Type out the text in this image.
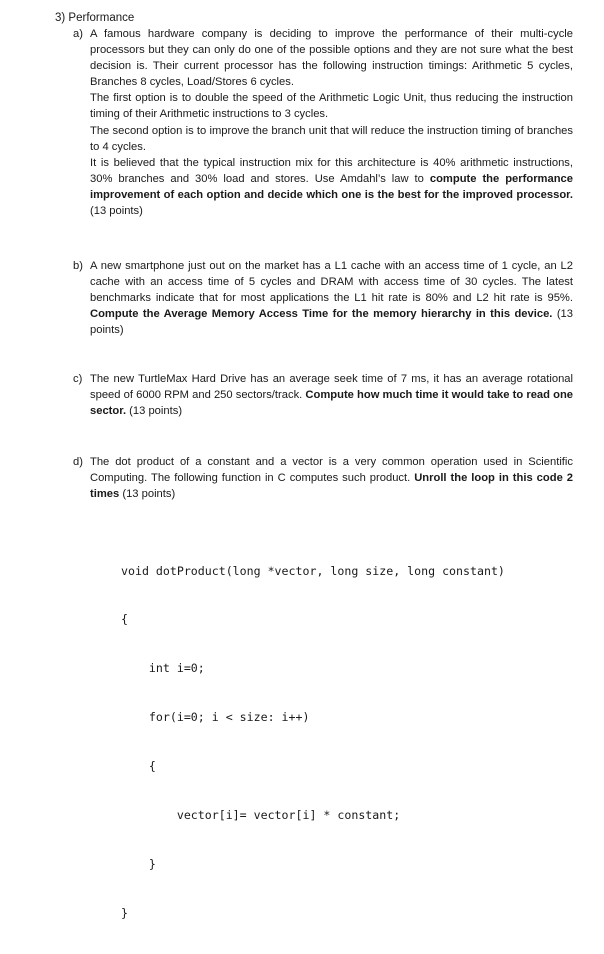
3) Performance
a) A famous hardware company is deciding to improve the performance of their multi-cycle processors but they can only do one of the possible options and they are not sure what the best decision is. Their current processor has the following instruction timings: Arithmetic 5 cycles, Branches 8 cycles, Load/Stores 6 cycles.

The first option is to double the speed of the Arithmetic Logic Unit, thus reducing the instruction timing of their Arithmetic instructions to 3 cycles.

The second option is to improve the branch unit that will reduce the instruction timing of branches to 4 cycles.

It is believed that the typical instruction mix for this architecture is 40% arithmetic instructions, 30% branches and 30% load and stores. Use Amdahl’s law to compute the performance improvement of each option and decide which one is the best for the improved processor. (13 points)

b) A new smartphone just out on the market has a L1 cache with an access time of 1 cycle, an L2 cache with an access time of 5 cycles and DRAM with access time of 30 cycles. The latest benchmarks indicate that for most applications the L1 hit rate is 80% and L2 hit rate is 95%. Compute the Average Memory Access Time for the memory hierarchy in this device. (13 points)

c) The new TurtleMax Hard Drive has an average seek time of 7 ms, it has an average rotational speed of 6000 RPM and 250 sectors/track. Compute how much time it would take to read one sector. (13 points)

d) The dot product of a constant and a vector is a very common operation used in Scientific Computing. The following function in C computes such product. Unroll the loop in this code 2 times (13 points)

void dotProduct(long *vector, long size, long constant)

{

int i=0;

for(i=0; i < size: i++)

{

vector[i]= vector[i] * constant;

}

}
